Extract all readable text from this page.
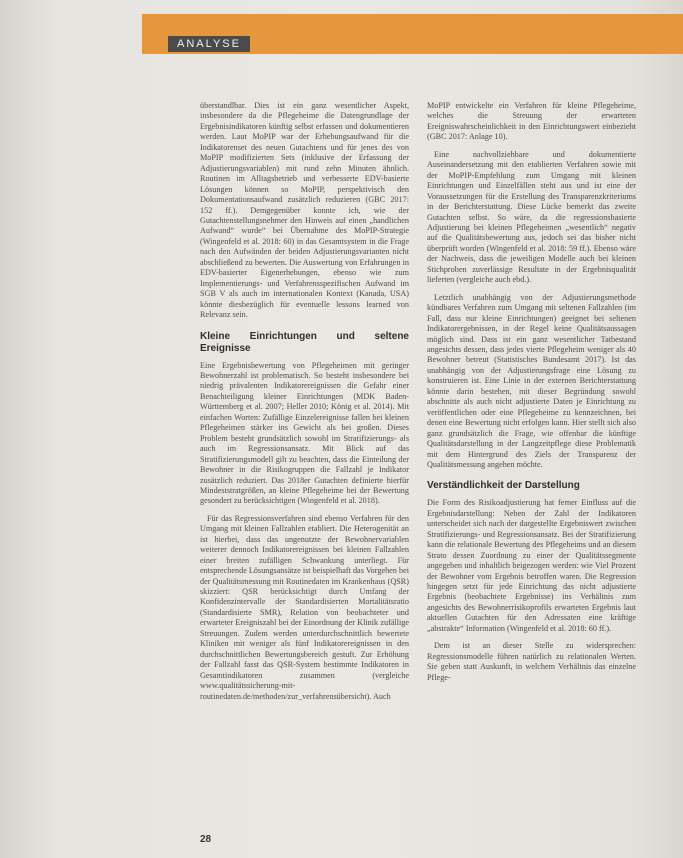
ANALYSE

überstandlbar. Dies ist ein ganz wesentlicher Aspekt, insbesondere da die Pflegeheime die Datengrundlage der Ergebnisindikatoren künftig selbst erfassen und dokumentieren werden. Laut MoPIP war der Erhebungsaufwand für die Indikatorenset des neuen Gutachtens und für jenes des von MoPIP modifizierten Sets (inklusive der Erfassung der Adjustierungsvariablen) mit rund zehn Minuten ähnlich. Routinen im Alltagsbetrieb und verbesserte EDV-basierte Lösungen können so MoPIP, perspektivisch den Dokumentationsaufwand zusätzlich reduzieren (GBC 2017: 152 ff.). Demgegenüber konnte ich, wie der Gutachtenstellungsnehmer den Hinweis auf einen „handlichen Aufwand“ wurde“ bei Übernahme des MoPIP-Strategie (Wingenfeld et al. 2018: 60) in das Gesamtsystem in die Frage nach den Aufwänden der beiden Adjustierungsvarianten nicht abschließend zu bewerten. Die Auswertung von Erfahrungen in EDV-basierter Eigenerhebungen, ebenso wie zum Implementierungs- und Verfahrensspezifischen Aufwand im SGB V als auch im internationalen Kontext (Kanada, USA) könnte diesbezüglich für eventuelle lessons learned von Relevanz sein.

Kleine Einrichtungen und seltene Ereignisse

Eine Ergebnisbewertung von Pflegeheimen mit geringer Bewohnerzahl ist problematisch. So besteht insbesondere bei niedrig prävalenten Indikatorereignissen die Gefahr einer Benachteiligung kleiner Einrichtungen (MDK Baden-Württemberg et al. 2007; Heller 2010; König et al. 2014). Mit einfachen Worten: Zufällige Einzelereignisse fallen bei kleinen Pflegeheimen stärker ins Gewicht als bei großen. Dieses Problem besteht grundsätzlich sowohl im Stratifizierungs- als auch im Regressionsansatz. Mit Blick auf das Stratifizierungsmodell gilt zu beachten, dass die Einteilung der Bewohner in die Risikogruppen die Fallzahl je Indikator zusätzlich reduziert. Das 2018er Gutachten definierte hierfür Mindeststratgrößen, an kleine Pflegeheime bei der Bewertung gesondert zu berücksichtigen (Wingenfeld et al. 2018).

Für das Regressionsverfahren sind ebenso Verfahren für den Umgang mit kleinen Fallzahlen etabliert. Die Heterogenität an ist hierbei, dass das ungenutzte der Bewohnervariablen weiterer dennoch Indikatorereignissen bei kleinen Fallzahlen einer breiten zufälligen Schwankung unterliegt. Für entsprechende Lösungsansätze ist beispielhaft das Vorgehen bei der Qualitätsmessung mit Routinedaten im Krankenhaus (QSR) skizziert: QSR berücksichtigt durch Umfang der Konfidenzintervalle der Standardisierten Mortalitätsratio (Standardisierte SMR), Relation von beobachteter und erwarteter Ereigniszahl bei der Einordnung der Klinik zufällige Streuungen. Zudem werden unterdurchschnittlich bewertete Kliniken mit weniger als fünf Indikatorereignissen in den durchschnittlichen Bewertungsbereich gestuft. Zur Erhöhung der Fallzahl fasst das QSR-System bestimmte Indikatoren in Gesamtindikatoren zusammen (vergleiche www.qualitätssicherung-mit-routinedaten.de/methoden/zur_verfahrensübersicht). Auch

MoPIP entwickelte ein Verfahren für kleine Pflegeheime, welches die Streuung der erwarteten Ereigniswahrscheinlichkeit in den Einrichtungswert einbezieht (GBC 2017: Anlage 10).

Eine nachvollziehbare und dokumentierte Auseinandersetzung mit den etablierten Verfahren sowie mit der MoPIP-Empfehlung zum Umgang mit kleinen Einrichtungen und Einzelfällen steht aus und ist eine der Voraussetzungen für die Erstellung des Transparenzkriteriums in der Berichterstattung. Diese Lücke bemerkt das zweite Gutachten selbst. So wäre, da die regressionsbasierte Adjustierung bei kleinen Pflegeheimen „wesentlich“ negativ auf die Qualitätsbewertung aus, jedoch sei das bisher nicht überprüft worden (Wingenfeld et al. 2018: 59 ff.). Ebenso wäre der Nachweis, dass die jeweiligen Modelle auch bei kleinen Stichproben zuverlässige Resultate in der Ergebnisqualität lieferten (vergleiche auch ebd.).

Letztlich unabhängig von der Adjustierungsmethode kündbares Verfahren zum Umgang mit seltenen Fallzahlen (im Fall, dass nur kleine Einrichtungen) geeignet bei seltenen Indikatorergebnissen, in der Regel keine Qualitätsaussagen möglich sind. Dass ist ein ganz wesentlicher Tatbestand angesichts dessen, dass jedes vierte Pflegeheim weniger als 40 Bewohner betreut (Statistisches Bundesamt 2017). Ist das unabhängig von der Adjustierungsfrage eine Lösung zu konstruieren ist. Eine Linie in der externen Berichterstattung könnte darin bestehen, mit dieser Begründung sowohl abschnitte als auch nicht adjustierte Daten je Einrichtung zu veröffentlichen oder eine Pflegeheime zu kennzeichnen, bei denen eine Bewertung nicht erfolgen kann. Hier stellt sich also ganz grundsätzlich die Frage, wie offenbar die künftige Qualitätsdarstellung in der Langzeitpflege diese Problematik mit dem Hintergrund des Ziels der Transparenz der Qualitätsmessung angehen möchte.

Verständlichkeit der Darstellung

Die Form des Risikoadjustierung hat ferner Einfluss auf die Ergebnisdarstellung: Neben der Zahl der Indikatoren unterscheidet sich nach der dargestellte Ergebniswert zwischen Stratifizierungs- und Regressionsansatz. Bei der Stratifizierung kann die relationale Bewertung des Pflegeheims und an diesem Strato dessen Zuordnung zu einer der Qualitätssegmente angegeben und inhaltlich beigezogen werden: wie Viel Prozent der Bewohner vom Ergebnis betroffen waren. Die Regression hingegen setzt für jede Einrichtung das nicht adjustierte Ergebnis (beobachtete Ergebnisse) ins Verhältnis zum angesichts des Bewohnerrisikoprofils erwarteten Ergebnis laut aktuellen Gutachten für den Adressaten eine kräftige „abstrakte“ Information (Wingenfeld et al. 2018: 60 ff.).

Dem ist an dieser Stelle zu widersprechen: Regressionsmodelle führen natürlich zu relationalen Werten. Sie geben statt Auskunft, in welchem Verhältnis das einzelne Pflege-

28
